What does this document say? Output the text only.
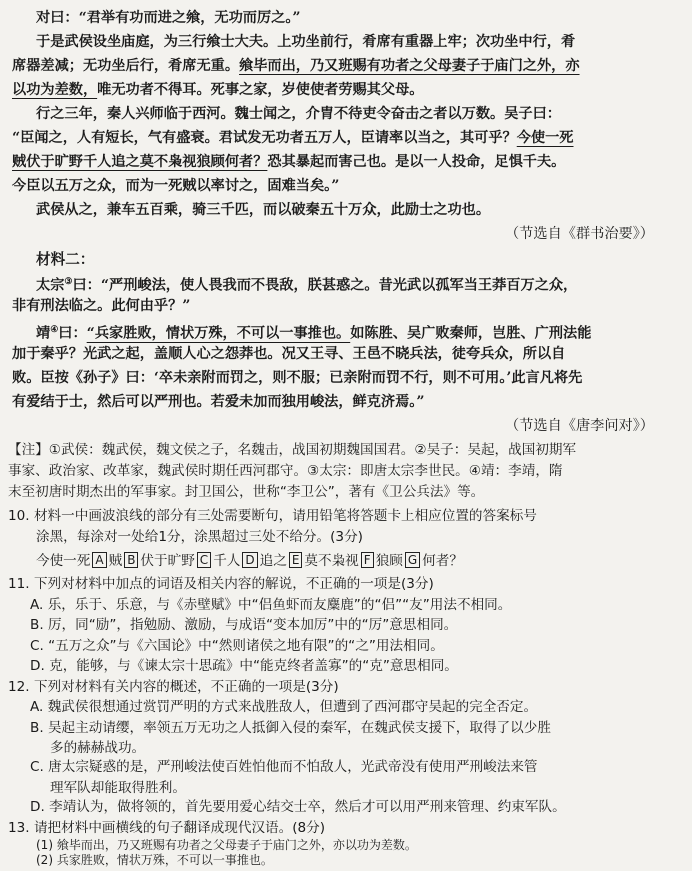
对曰：“君举有功而进之飨，无功而厉之。”
于是武侯设坐庙庭，为三行飨士大夫。上功坐前行，肴席有重器上牢；次功坐中行，肴
席器差减；无功坐后行，肴席无重。飨毕而出，乃又班赐有功者之父母妻子于庙门之外，亦
以功为差数，唯无功者不得耳。死事之家，岁使使者劳赐其父母。
行之三年，秦人兴师临于西河。魏士闻之，介胄不待吏令奋击之者以万数。吴子曰：
“臣闻之，人有短长，气有盛衰。君试发无功者五万人，臣请率以当之，其可乎？今使一死
贼伏于旷野千人追之莫不枭视狼顾何者？恐其暴起而害己也。是以一人投命，足惧千夫。
今臣以五万之众，而为一死贼以率讨之，固难当矣。”
武侯从之，兼车五百乘，骑三千匹，而以破秦五十万众，此励士之功也。
（节选自《群书治要》）
材料二：
太宗③曰：“严刑峻法，使人畏我而不畏敌，朕甚惑之。昔光武以孤军当王莽百万之众，
非有刑法临之。此何由乎？”
靖④曰：“兵家胜败，情状万殊，不可以一事推也。如陈胜、吴广败秦师，岂胜、广刑法能
加于秦乎？光武之起，盖顺人心之怨莽也。况又王寻、王邑不晓兵法，徒夸兵众，所以自
败。臣按《孙子》曰：‘卒未亲附而罚之，则不服；已亲附而罚不行，则不可用。’此言凡将先
有爱结于士，然后可以严刑也。若爱未加而独用峻法，鲜克济焉。”
（节选自《唐李问对》）
【注】①武侯：魏武侯，魏文侯之子，名魏击，战国初期魏国国君。②吴子：吴起，战国初期军
事家、政治家、改革家，魏武侯时期任西河郡守。③太宗：即唐太宗李世民。④靖：李靖，隋
末至初唐时期杰出的军事家。封卫国公，世称“李卫公”，著有《卫公兵法》等。
10. 材料一中画波浪线的部分有三处需要断句，请用铅笔将答题卡上相应位置的答案标号
涂黑，每涂对一处给1分，涂黑超过三处不给分。(3分)
今使一死 A 贼 B 伏于旷野 C 千人 D 追之 E 莫不枭视 F 狼顾 G 何者？
11. 下列对材料中加点的词语及相关内容的解说，不正确的一项是(3分)
A. 乐，乐于、乐意，与《赤壁赋》中“侣鱼虾而友麋鹿”的“侣”“友”用法不相同。
B. 厉，同“励”，指勉励、激励，与成语“变本加厉”中的“厉”意思相同。
C. “五万之众”与《六国论》中“然则诸侯之地有限”的“之”用法相同。
D. 克，能够，与《谏太宗十思疏》中“能克终者盖寡”的“克”意思相同。
12. 下列对材料有关内容的概述，不正确的一项是(3分)
A. 魏武侯很想通过赏罚严明的方式来战胜敌人，但遭到了西河郡守吴起的完全否定。
B. 吴起主动请缨，率领五万无功之人抵御入侵的秦军，在魏武侯支援下，取得了以少胜
多的赫赫战功。
C. 唐太宗疑惑的是，严刑峻法使百姓怕他而不怕敌人，光武帝没有使用严刑峻法来管
理军队却能取得胜利。
D. 李靖认为，做将领的，首先要用爱心结交士卒，然后才可以用严刑来管理、约束军队。
13. 请把材料中画横线的句子翻译成现代汉语。(8分)
(1) 飨毕而出，乃又班赐有功者之父母妻子于庙门之外，亦以功为差数。
(2) 兵家胜败，情状万殊，不可以一事推也。
